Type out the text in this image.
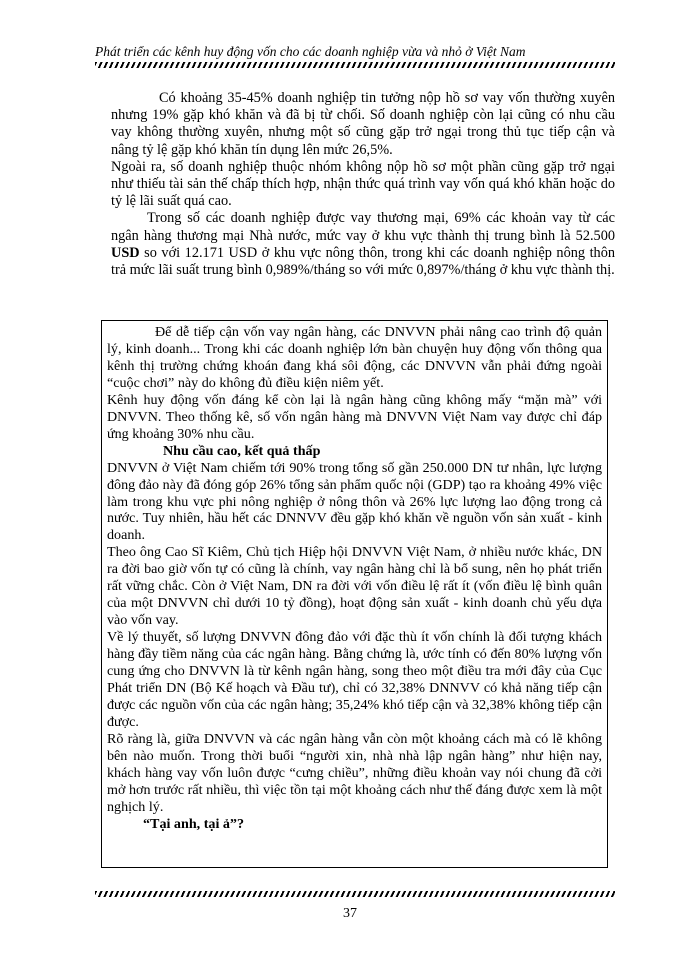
Phát triển các kênh huy động vốn cho các doanh nghiệp vừa và nhỏ ở Việt Nam

Có khoảng 35-45% doanh nghiệp tin tưởng nộp hồ sơ vay vốn thường xuyên nhưng 19% gặp khó khăn và đã bị từ chối. Số doanh nghiệp còn lại cũng có nhu cầu vay không thường xuyên, nhưng một số cũng gặp trở ngại trong thủ tục tiếp cận và nâng tỷ lệ gặp khó khăn tín dụng lên mức 26,5%.

Ngoài ra, số doanh nghiệp thuộc nhóm không nộp hồ sơ một phần cũng gặp trở ngại như thiếu tài sản thế chấp thích hợp, nhận thức quá trình vay vốn quá khó khăn hoặc do tỷ lệ lãi suất quá cao.

Trong số các doanh nghiệp được vay thương mại, 69% các khoản vay từ các ngân hàng thương mại Nhà nước, mức vay ở khu vực thành thị trung bình là 52.500 USD so với 12.171 USD ở khu vực nông thôn, trong khi các doanh nghiệp nông thôn trả mức lãi suất trung bình 0,989%/tháng so với mức 0,897%/tháng ở khu vực thành thị.

Để dễ tiếp cận vốn vay ngân hàng, các DNVVN phải nâng cao trình độ quản lý, kinh doanh... Trong khi các doanh nghiệp lớn bàn chuyện huy động vốn thông qua kênh thị trường chứng khoán đang khá sôi động, các DNVVN vẫn phải đứng ngoài “cuộc chơi” này do không đủ điều kiện niêm yết.

Kênh huy động vốn đáng kể còn lại là ngân hàng cũng không mấy “mặn mà” với DNVVN. Theo thống kê, số vốn ngân hàng mà DNVVN Việt Nam vay được chỉ đáp ứng khoảng 30% nhu cầu.

Nhu cầu cao, kết quả thấp

DNVVN ở Việt Nam chiếm tới 90% trong tổng số gần 250.000 DN tư nhân, lực lượng đông đảo này đã đóng góp 26% tổng sản phẩm quốc nội (GDP) tạo ra khoảng 49% việc làm trong khu vực phi nông nghiệp ở nông thôn và 26% lực lượng lao động trong cả nước. Tuy nhiên, hầu hết các DNNVV đều gặp khó khăn về nguồn vốn sản xuất - kinh doanh.

Theo ông Cao Sĩ Kiêm, Chủ tịch Hiệp hội DNVVN Việt Nam, ở nhiều nước khác, DN ra đời bao giờ vốn tự có cũng là chính, vay ngân hàng chỉ là bổ sung, nên họ phát triển rất vững chắc. Còn ở Việt Nam, DN ra đời với vốn điều lệ rất ít (vốn điều lệ bình quân của một DNVVN chỉ dưới 10 tỷ đồng), hoạt động sản xuất - kinh doanh chủ yếu dựa vào vốn vay.

Về lý thuyết, số lượng DNVVN đông đảo với đặc thù ít vốn chính là đối tượng khách hàng đầy tiềm năng của các ngân hàng. Bằng chứng là, ước tính có đến 80% lượng vốn cung ứng cho DNVVN là từ kênh ngân hàng, song theo một điều tra mới đây của Cục Phát triển DN (Bộ Kế hoạch và Đầu tư), chỉ có 32,38% DNNVV có khả năng tiếp cận được các nguồn vốn của các ngân hàng; 35,24% khó tiếp cận và 32,38% không tiếp cận được.

Rõ ràng là, giữa DNVVN và các ngân hàng vẫn còn một khoảng cách mà có lẽ không bên nào muốn. Trong thời buổi “người xin, nhà nhà lập ngân hàng” như hiện nay, khách hàng vay vốn luôn được “cưng chiều”, những điều khoản vay nói chung đã cởi mở hơn trước rất nhiều, thì việc tồn tại một khoảng cách như thế đáng được xem là một nghịch lý.

“Tại anh, tại ả”?

37
